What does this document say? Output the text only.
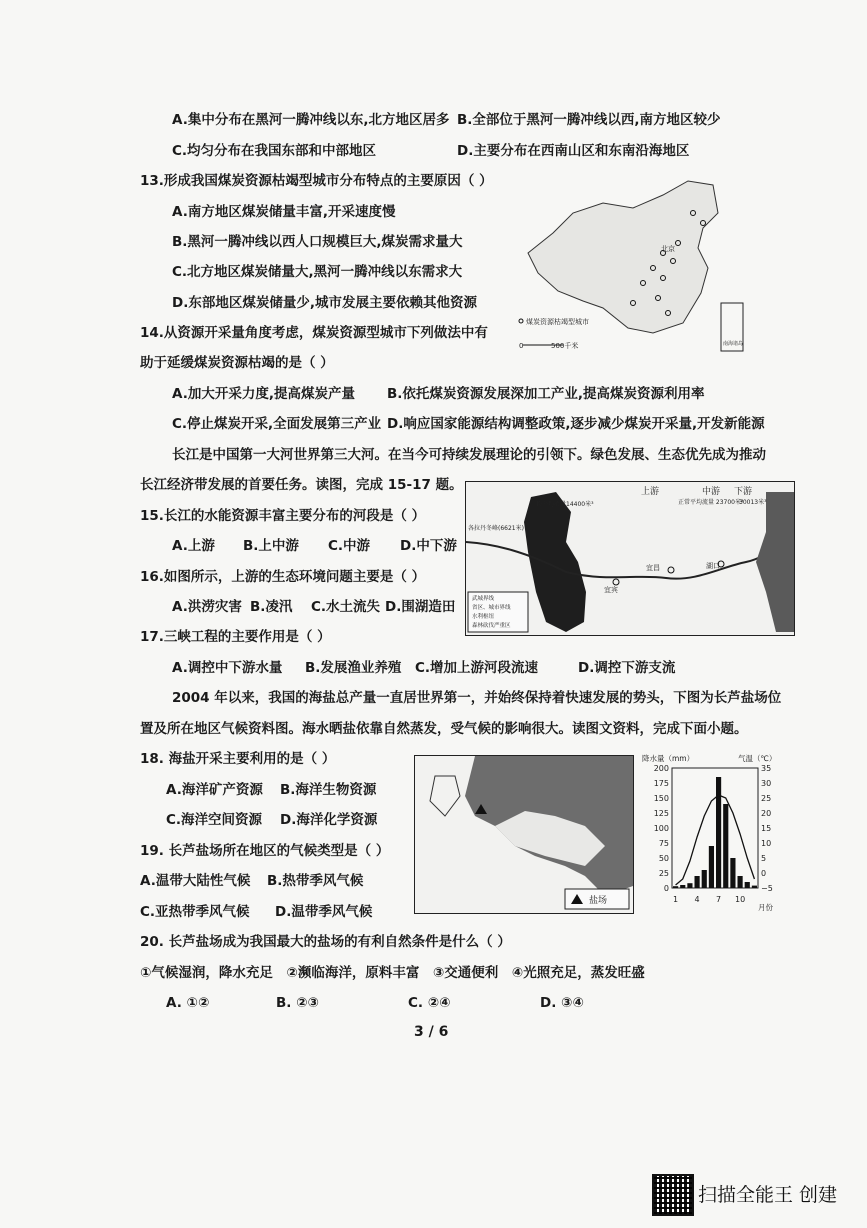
A.集中分布在黑河一腾冲线以东,北方地区居多 B.全部位于黑河一腾冲线以西,南方地区较少
C.均匀分布在我国东部和中部地区	D.主要分布在西南山区和东南沿海地区
13.形成我国煤炭资源枯竭型城市分布特点的主要原因（ ）
A.南方地区煤炭储量丰富,开采速度慢
B.黑河一腾冲线以西人口规模巨大,煤炭需求量大
C.北方地区煤炭储量大,黑河一腾冲线以东需求大
D.东部地区煤炭储量少,城市发展主要依赖其他资源
北京
煤炭资源枯竭型城市
0	500千米	南海诸岛
14.从资源开采量角度考虑，煤炭资源型城市下列做法中有
助于延缓煤炭资源枯竭的是（ ）
A.加大开采力度,提高煤炭产量 B.依托煤炭资源发展深加工产业,提高煤炭资源利用率
C.停止煤炭开采,全面发展第三产业 D.响应国家能源结构调整政策,逐步减少煤炭开采量,开发新能源
长江是中国第一大河世界第三大河。在当今可持续发展理论的引领下。绿色发展、生态优先成为推动
长江经济带发展的首要任务。读图，完成 15-17 题。	上游	中游 下游
长平均流量14400米³	正常平均流量 23700米³
30013米³
各拉丹冬峰(6621米)
宜宾
宜昌	湖口
武城界线
省区、城市界线
水利枢纽
森林砍伐严重区
15.长江的水能资源丰富主要分布的河段是（ ）
A.上游 B.上中游 C.中游 D.中下游
16.如图所示，上游的生态环境问题主要是（ ）
A.洪涝灾害 B.凌汛 C.水土流失 D.围湖造田
17.三峡工程的主要作用是（ ）
A.调控中下游水量 B.发展渔业养殖 C.增加上游河段流速	D.调控下游支流
2004 年以来，我国的海盐总产量一直居世界第一，并始终保持着快速发展的势头，下图为长芦盐场位
置及所在地区气候资料图。海水晒盐依靠自然蒸发，受气候的影响很大。读图文资料，完成下面小题。
18. 海盐开采主要利用的是（ ）
A.海洋矿产资源 B.海洋生物资源
C.海洋空间资源 D.海洋化学资源
盐场
降水量（mm）	气温（℃）
月份
200
175
150
125
100
75
50
25
0
35
30
25
20
15
10
5
0
−5
1 4 7 10
19. 长芦盐场所在地区的气候类型是（ ）
A.温带大陆性气候 B.热带季风气候
C.亚热带季风气候 D.温带季风气候
20. 长芦盐场成为我国最大的盐场的有利自然条件是什么（ ）
①气候湿润，降水充足　②濒临海洋，原料丰富　③交通便利　④光照充足，蒸发旺盛
A. ①②	B. ②③	C. ②④	D. ③④
3 / 6
扫描全能王 创建
